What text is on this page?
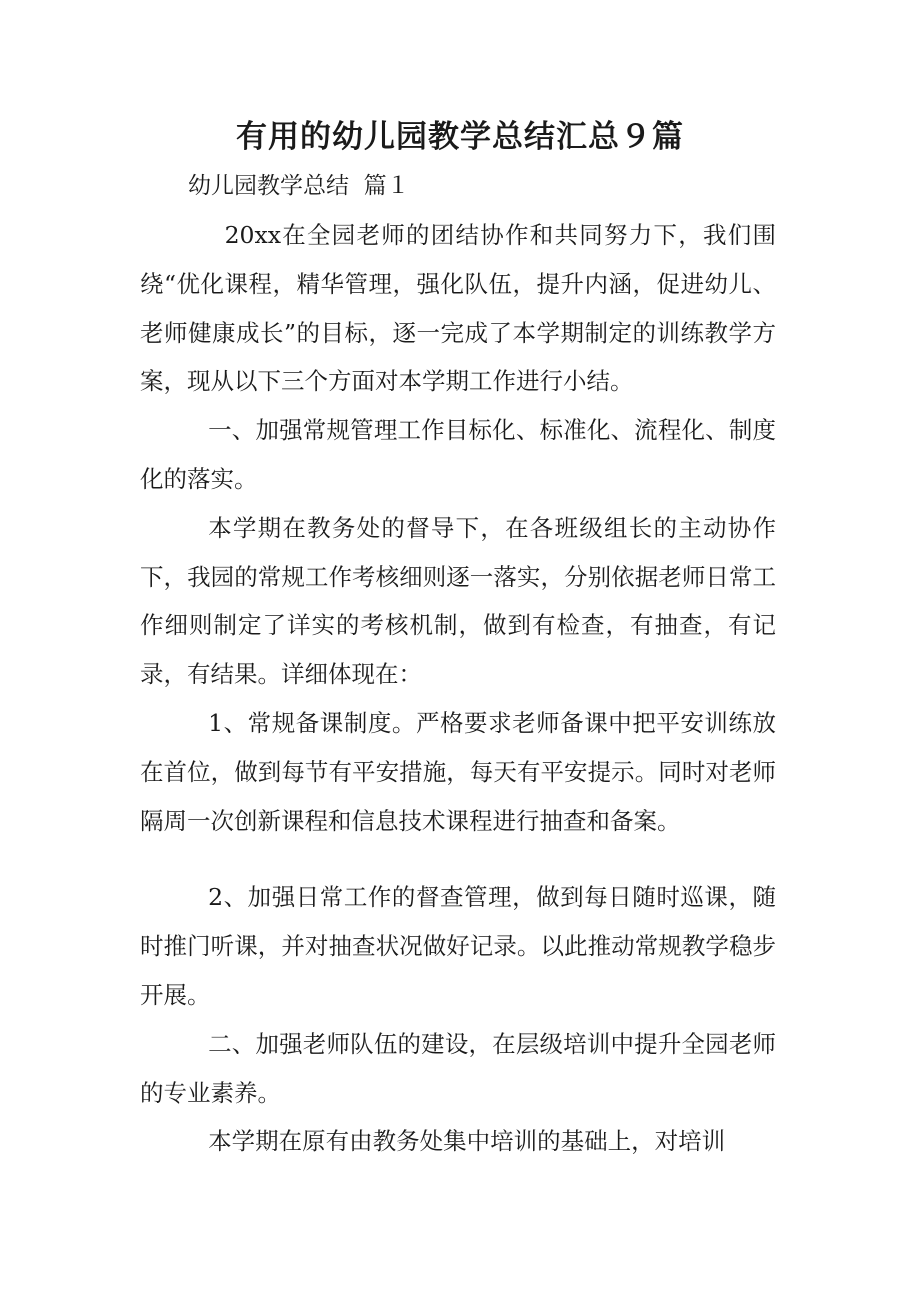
有用的幼儿园教学总结汇总９篇
幼儿园教学总结  篇１

20xx在全园老师的团结协作和共同努力下，我们围绕“优化课程，精华管理，强化队伍，提升内涵，促进幼儿、老师健康成长”的目标，逐一完成了本学期制定的训练教学方案，现从以下三个方面对本学期工作进行小结。

一、加强常规管理工作目标化、标准化、流程化、制度化的落实。

本学期在教务处的督导下，在各班级组长的主动协作下，我园的常规工作考核细则逐一落实，分别依据老师日常工作细则制定了详实的考核机制，做到有检查，有抽查，有记录，有结果。详细体现在：

1、常规备课制度。严格要求老师备课中把平安训练放在首位，做到每节有平安措施，每天有平安提示。同时对老师隔周一次创新课程和信息技术课程进行抽查和备案。

2、加强日常工作的督查管理，做到每日随时巡课，随时推门听课，并对抽查状况做好记录。以此推动常规教学稳步开展。

二、加强老师队伍的建设，在层级培训中提升全园老师的专业素养。

本学期在原有由教务处集中培训的基础上，对培训
